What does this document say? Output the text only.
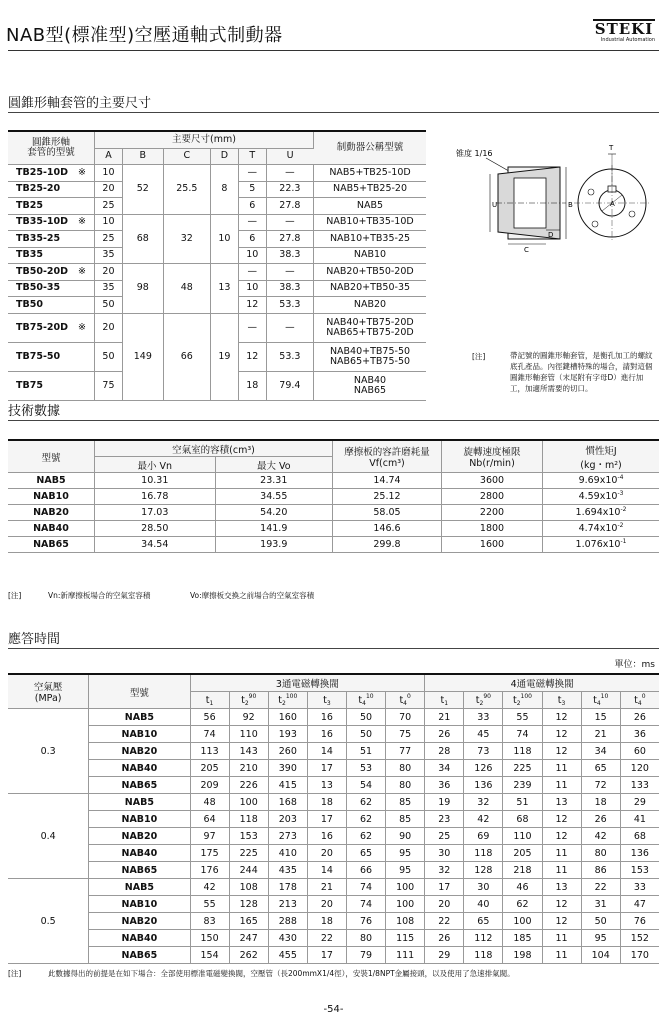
NAB型(標准型)空壓通軸式制動器	STEKI
Industrial Automation
圓錐形軸套管的主要尺寸
圓錐形軸
套管的型號	主要尺寸(mm)						制動器公稱型號
	A	B	C	D	T	U	
TB25-10D ※	10	52	25.5	8	—	—	NAB5+TB25-10D
TB25-20	20				5	22.3	NAB5+TB25-20
TB25	25				6	27.8	NAB5
TB35-10D ※	10	68	32	10	—	—	NAB10+TB35-10D
TB35-25	25				6	27.8	NAB10+TB35-25
TB35	35				10	38.3	NAB10
TB50-20D ※	20	98	48	13	—	—	NAB20+TB50-20D
TB50-35	35				10	38.3	NAB20+TB50-35
TB50	50				12	53.3	NAB20
TB75-20D ※	20	149	66	19	—	—	NAB40+TB75-20D
NAB65+TB75-20D
TB75-50	50				12	53.3	NAB40+TB75-50
NAB65+TB75-50
TB75	75				18	79.4	NAB40
NAB65
锥度 1/16
B
U
C
D
A
T
[注]	帶記號的圓錐形軸套管，是衡孔加工的螺紋底孔產品。內徑鍵槽特殊的場合，請對這個圓錐形軸套管（末尾附有字母D）進行加工，加適所需要的切口。
技術數據
型號	空氣室的容積(cm³)		摩擦板的容許磨耗量
Vf(cm³)	旋轉速度極限
Nb(r/min)	慣性矩J
(kg・m²)
	最小 Vn	最大 Vo			
NAB5	10.31	23.31	14.74	3600	$9.69x10^{-4}$
NAB10	16.78	34.55	25.12	2800	$4.59x10^{-3}$
NAB20	17.03	54.20	58.05	2200	$1.694x10^{-2}$
NAB40	28.50	141.9	146.6	1800	$4.74x10^{-2}$
NAB65	34.54	193.9	299.8	1600	$1.076x10^{-1}$
[注]	Vn:新摩擦板場合的空氣室容積	Vo:摩擦板交換之前場合的空氣室容積
應答時間
單位：ms
空氣壓
(MPa)	型號	3通電磁轉換閥						4通電磁轉換閥					
		$t_1$	$t_2^{90}$	$t_2^{100}$	$t_3$	$t_4^{10}$	$t_4^0$	$t_1$	$t_2^{90}$	$t_2^{100}$	$t_3$	$t_4^{10}$	$t_4^0$
0.3	NAB5	56	92	160	16	50	70	21	33	55	12	15	26
	NAB10	74	110	193	16	50	75	26	45	74	12	21	36
	NAB20	113	143	260	14	51	77	28	73	118	12	34	60
	NAB40	205	210	390	17	53	80	34	126	225	11	65	120
	NAB65	209	226	415	13	54	80	36	136	239	11	72	133
0.4	NAB5	48	100	168	18	62	85	19	32	51	13	18	29
	NAB10	64	118	203	17	62	85	23	42	68	12	26	41
	NAB20	97	153	273	16	62	90	25	69	110	12	42	68
	NAB40	175	225	410	20	65	95	30	118	205	11	80	136
	NAB65	176	244	435	14	66	95	32	128	218	11	86	153
0.5	NAB5	42	108	178	21	74	100	17	30	46	13	22	33
	NAB10	55	128	213	20	74	100	20	40	62	12	31	47
	NAB20	83	165	288	18	76	108	22	65	100	12	50	76
	NAB40	150	247	430	22	80	115	26	112	185	11	95	152
	NAB65	154	262	455	17	79	111	29	118	198	11	104	170
[注]	此數據得出的前提是在如下場合：全部使用標准電磁變換閥，空壓管（長200mmX1/4徑），安裝1/8NPT金屬接頭，以及使用了急速排氣閥。
-54-
